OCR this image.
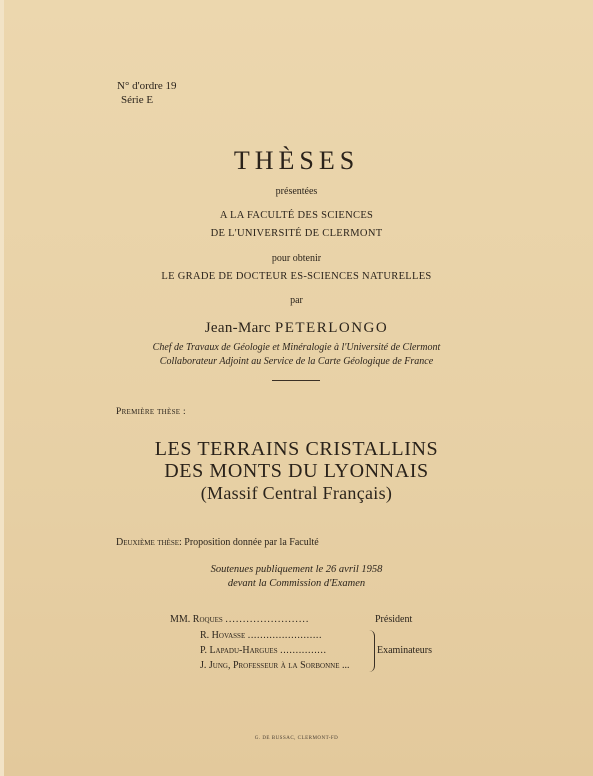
N° d'ordre 19
Série E
THÈSES
présentées
A LA FACULTÉ DES SCIENCES
DE L'UNIVERSITÉ DE CLERMONT
pour obtenir
LE GRADE DE DOCTEUR ES-SCIENCES NATURELLES
par
Jean-Marc PETERLONGO
Chef de Travaux de Géologie et Minéralogie à l'Université de Clermont
Collaborateur Adjoint au Service de la Carte Géologique de France
Première thèse :
LES TERRAINS CRISTALLINS
DES MONTS DU LYONNAIS
(Massif Central Français)
Deuxième thèse: Proposition donnée par la Faculté
Soutenues publiquement le 26 avril 1958
devant la Commission d'Examen
MM. Roques ........................	Président
R. Hovasse ........................
P. Lapadu-Hargues ...............
J. Jung, Professeur à la Sorbonne ...
Examinateurs
G. DE BUSSAC, CLERMONT-FD
